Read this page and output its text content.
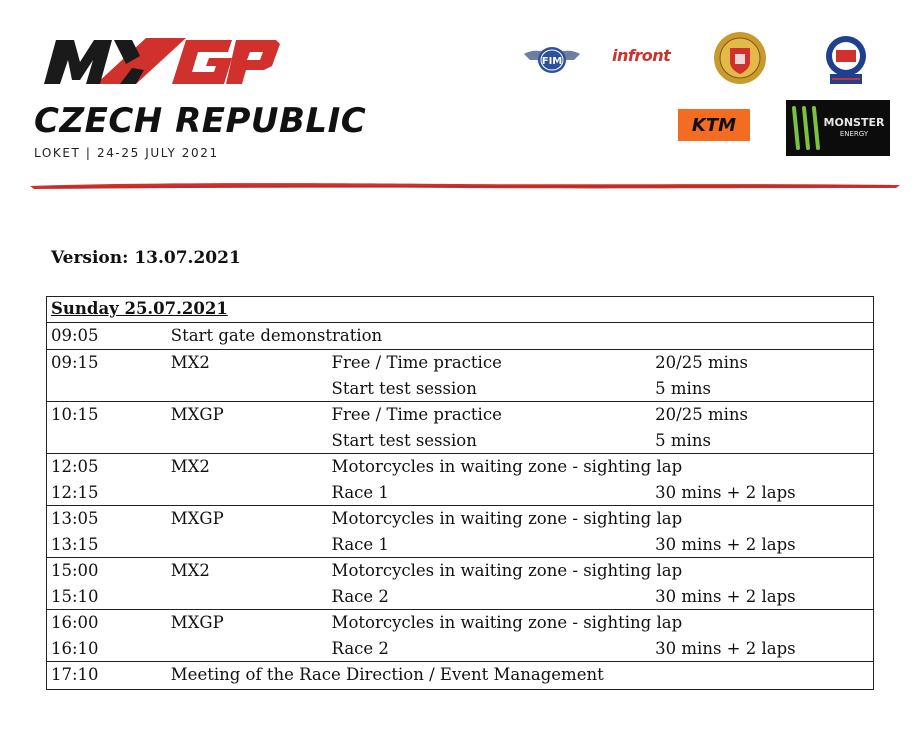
CZECH REPUBLIC
LOKET | 24-25 JULY 2021
FIM	infront
KTM	MONSTER
ENERGY
Version: 13.07.2021
Sunday 25.07.2021			
09:05	Start gate demonstration		
09:15	MX2	Free / Time practice	20/25 mins
		Start test session	5 mins
10:15	MXGP	Free / Time practice	20/25 mins
		Start test session	5 mins
12:05	MX2	Motorcycles in waiting zone - sighting lap	
12:15		Race 1	30 mins + 2 laps
13:05	MXGP	Motorcycles in waiting zone - sighting lap	
13:15		Race 1	30 mins + 2 laps
15:00	MX2	Motorcycles in waiting zone - sighting lap	
15:10		Race 2	30 mins + 2 laps
16:00	MXGP	Motorcycles in waiting zone - sighting lap	
16:10		Race 2	30 mins + 2 laps
17:10	Meeting of the Race Direction / Event Management		
